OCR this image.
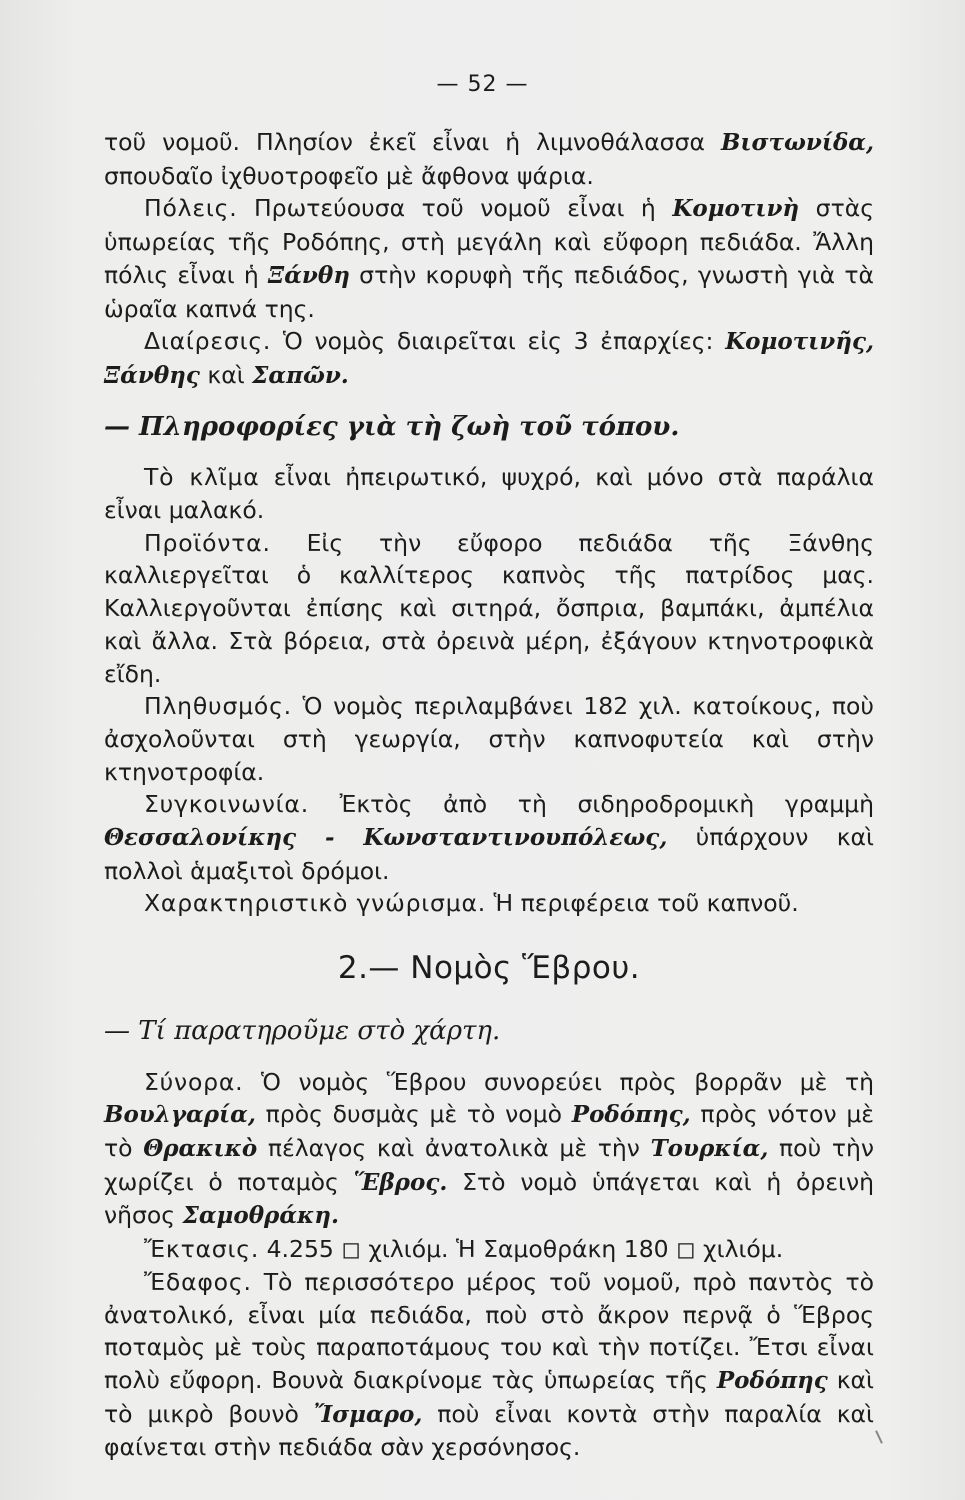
— 52 —

τοῦ νομοῦ. Πλησίον ἐκεῖ εἶναι ἡ λιμνοθάλασσα Βιστωνίδα, σπουδαῖο ἰχθυοτροφεῖο μὲ ἄφθονα ψάρια.

Πόλεις. Πρωτεύουσα τοῦ νομοῦ εἶναι ἡ Κομοτινὴ στὰς ὑπωρείας τῆς Ροδόπης, στὴ μεγάλη καὶ εὔφορη πεδιάδα. Ἄλλη πόλις εἶναι ἡ Ξάνθη στὴν κορυφὴ τῆς πεδιάδος, γνωστὴ γιὰ τὰ ὡραῖα καπνά της.

Διαίρεσις. Ὁ νομὸς διαιρεῖται εἰς 3 ἐπαρχίες: Κομοτινῆς, Ξάνθης καὶ Σαπῶν.

— Πληροφορίες γιὰ τὴ ζωὴ τοῦ τόπου.

Τὸ κλῖμα εἶναι ἠπειρωτικό, ψυχρό, καὶ μόνο στὰ παράλια εἶναι μαλακό.

Προϊόντα. Εἰς τὴν εὔφορο πεδιάδα τῆς Ξάνθης καλλιεργεῖται ὁ καλλίτερος καπνὸς τῆς πατρίδος μας. Καλλιεργοῦνται ἐπίσης καὶ σιτηρά, ὄσπρια, βαμπάκι, ἀμπέλια καὶ ἄλλα. Στὰ βόρεια, στὰ ὀρεινὰ μέρη, ἐξάγουν κτηνοτροφικὰ εἴδη.

Πληθυσμός. Ὁ νομὸς περιλαμβάνει 182 χιλ. κατοίκους, ποὺ ἀσχολοῦνται στὴ γεωργία, στὴν καπνοφυτεία καὶ στὴν κτηνοτροφία.

Συγκοινωνία. Ἐκτὸς ἀπὸ τὴ σιδηροδρομικὴ γραμμὴ Θεσσαλονίκης - Κωνσταντινουπόλεως, ὑπάρχουν καὶ πολλοὶ ἁμαξιτοὶ δρόμοι.

Χαρακτηριστικὸ γνώρισμα. Ἡ περιφέρεια τοῦ καπνοῦ.

2.— Νομὸς Ἕβρου.
— Τί παρατηροῦμε στὸ χάρτη.

Σύνορα. Ὁ νομὸς Ἕβρου συνορεύει πρὸς βορρᾶν μὲ τὴ Βουλγαρία, πρὸς δυσμὰς μὲ τὸ νομὸ Ροδόπης, πρὸς νότον μὲ τὸ Θρακικὸ πέλαγος καὶ ἀνατολικὰ μὲ τὴν Τουρκία, ποὺ τὴν χωρίζει ὁ ποταμὸς Ἕβρος. Στὸ νομὸ ὑπάγεται καὶ ἡ ὀρεινὴ νῆσος Σαμοθράκη.

Ἔκτασις. 4.255 ◻ χιλιόμ. Ἡ Σαμοθράκη 180 ◻ χιλιόμ.

Ἔδαφος. Τὸ περισσότερο μέρος τοῦ νομοῦ, πρὸ παντὸς τὸ ἀνατολικό, εἶναι μία πεδιάδα, ποὺ στὸ ἄκρον περνᾷ ὁ Ἕβρος ποταμὸς μὲ τοὺς παραποτάμους του καὶ τὴν ποτίζει. Ἔτσι εἶναι πολὺ εὔφορη. Βουνὰ διακρίνομε τὰς ὑπωρείας τῆς Ροδόπης καὶ τὸ μικρὸ βουνὸ Ἴσμαρο, ποὺ εἶναι κοντὰ στὴν παραλία καὶ φαίνεται στὴν πεδιάδα σὰν χερσόνησος.
